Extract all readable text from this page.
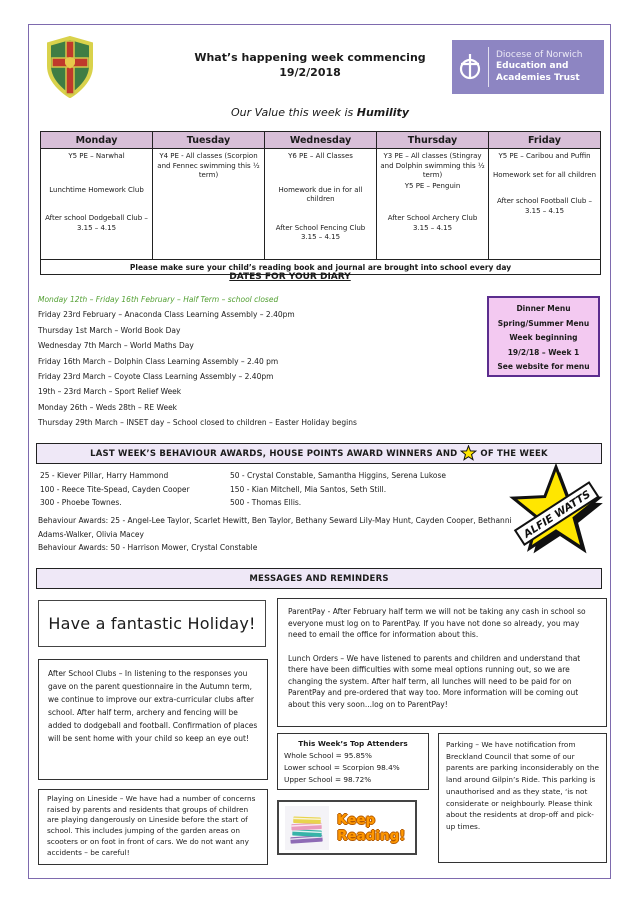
What’s happening week commencing
19/2/2018
Diocese of Norwich
Education and
Academies Trust
Our Value this week is Humility
Monday	Tuesday	Wednesday	Thursday	Friday

Y5 PE – Narwhal
Lunchtime Homework Club
After school Dodgeball Club – 3.15 – 4.15

Y4 PE - All classes (Scorpion and Fennec swimming this ½ term)

Y6 PE – All Classes
Homework due in for all children
After School Fencing Club 3.15 – 4.15

Y3 PE – All classes (Stingray and Dolphin swimming this ½ term)
Y5 PE – Penguin
After School Archery Club 3.15 – 4.15

Y5 PE – Caribou and Puffin
Homework set for all children
After school Football Club – 3.15 – 4.15

Please make sure your child’s reading book and journal are brought into school every day				
DATES FOR YOUR DIARY
Monday 12th – Friday 16th February – Half Term – school closed
Friday 23rd February – Anaconda Class Learning Assembly – 2.40pm
Thursday 1st March – World Book Day
Wednesday 7th March – World Maths Day
Friday 16th March – Dolphin Class Learning Assembly – 2.40 pm
Friday 23rd March – Coyote Class Learning Assembly – 2.40pm
19th – 23rd March – Sport Relief Week
Monday 26th – Weds 28th – RE Week
Thursday 29th March – INSET day – School closed to children – Easter Holiday begins
Dinner Menu
Spring/Summer Menu
Week beginning
19/2/18 – Week 1
See website for menu
LAST WEEK’S BEHAVIOUR AWARDS, HOUSE POINTS AWARD WINNERS AND	OF THE WEEK
25 - Kiever Pillar, Harry Hammond
100 - Reece Tite-Spead, Cayden Cooper
300 - Phoebe Townes.
50 - Crystal Constable, Samantha Higgins, Serena Lukose
150 - Kian Mitchell, Mia Santos, Seth Still.
500 - Thomas Ellis.
Behaviour Awards: 25 - Angel-Lee Taylor, Scarlet Hewitt, Ben Taylor, Bethany Seward Lily-May Hunt, Cayden Cooper, Bethanni Adams-Walker, Olivia Macey
Behaviour Awards: 50 - Harrison Mower, Crystal Constable
ALFIE WATTS
MESSAGES AND REMINDERS
Have a fantastic Holiday!
After School Clubs – In listening to the responses you gave on the parent questionnaire in the Autumn term, we continue to improve our extra-curricular clubs after school. After half term, archery and fencing will be added to dodgeball and football. Confirmation of places will be sent home with your child so keep an eye out!
Playing on Lineside – We have had a number of concerns raised by parents and residents that groups of children are playing dangerously on Lineside before the start of school. This includes jumping of the garden areas on scooters or on foot in front of cars. We do not want any accidents – be careful!
ParentPay - After February half term we will not be taking any cash in school so everyone must log on to ParentPay. If you have not done so already, you may need to email the office for information about this.
Lunch Orders – We have listened to parents and children and understand that there have been difficulties with some meal options running out, so we are changing the system. After half term, all lunches will need to be paid for on ParentPay and pre-ordered that way too. More information will be coming out about this very soon...log on to ParentPay!
This Week’s Top Attenders
Whole School = 95.85%
Lower school = Scorpion 98.4%
Upper School = 98.72%
Parking – We have notification from Breckland Council that some of our parents are parking inconsiderably on the land around Gilpin’s Ride. This parking is unauthorised and as they state, ‘is not considerate or neighbourly. Please think about the residents at drop-off and pick-up times.
Keep
Reading!
